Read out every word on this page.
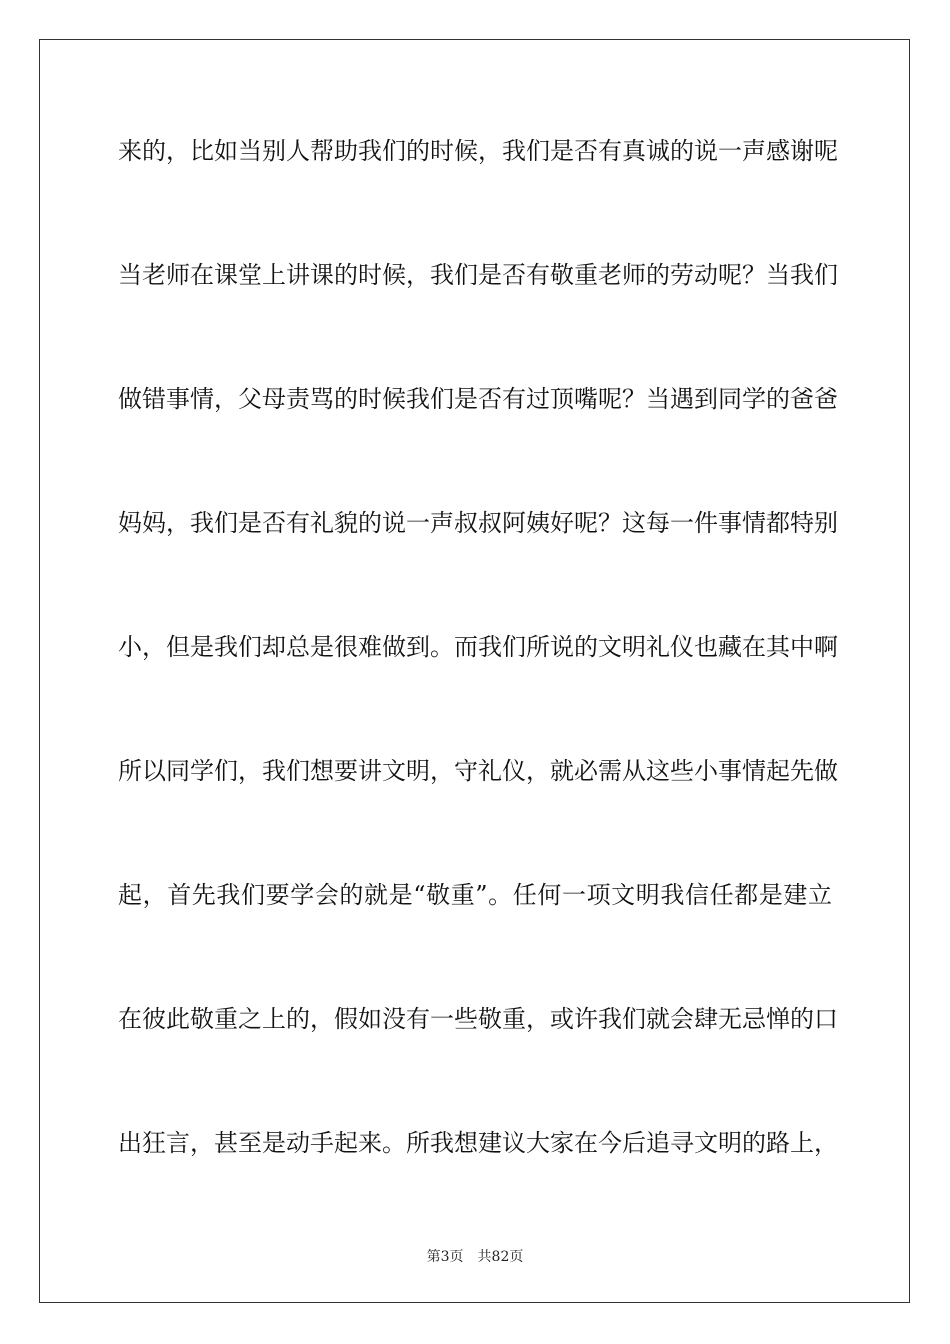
来的，比如当别人帮助我们的时候，我们是否有真诚的说一声感谢呢
当老师在课堂上讲课的时候，我们是否有敬重老师的劳动呢？当我们
做错事情，父母责骂的时候我们是否有过顶嘴呢？当遇到同学的爸爸
妈妈，我们是否有礼貌的说一声叔叔阿姨好呢？这每一件事情都特别
小，但是我们却总是很难做到。而我们所说的文明礼仪也藏在其中啊
所以同学们，我们想要讲文明，守礼仪，就必需从这些小事情起先做
起，首先我们要学会的就是“敬重”。任何一项文明我信任都是建立
在彼此敬重之上的，假如没有一些敬重，或许我们就会肆无忌惮的口
出狂言，甚至是动手起来。所我想建议大家在今后追寻文明的路上，
第3页 共82页
